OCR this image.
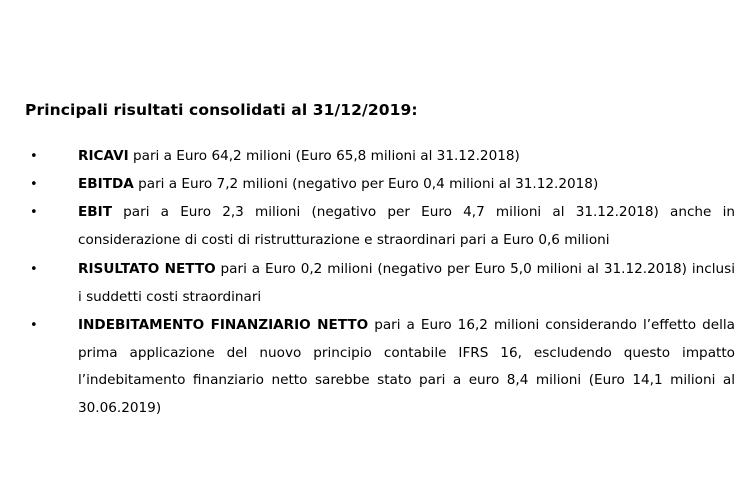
Principali risultati consolidati al 31/12/2019:
•	RICAVI pari a Euro 64,2 milioni (Euro 65,8 milioni al 31.12.2018)
•	EBITDA pari a Euro 7,2 milioni (negativo per Euro 0,4 milioni al 31.12.2018)
•	EBIT pari a Euro 2,3 milioni (negativo per Euro 4,7 milioni al 31.12.2018) anche in considerazione di costi di ristrutturazione e straordinari pari a Euro 0,6 milioni
•	RISULTATO NETTO pari a Euro 0,2 milioni (negativo per Euro 5,0 milioni al 31.12.2018) inclusi i suddetti costi straordinari
•	INDEBITAMENTO FINANZIARIO NETTO pari a Euro 16,2 milioni considerando l’effetto della prima applicazione del nuovo principio contabile IFRS 16, escludendo questo impatto l’indebitamento finanziario netto sarebbe stato pari a euro 8,4 milioni (Euro 14,1 milioni al 30.06.2019)
